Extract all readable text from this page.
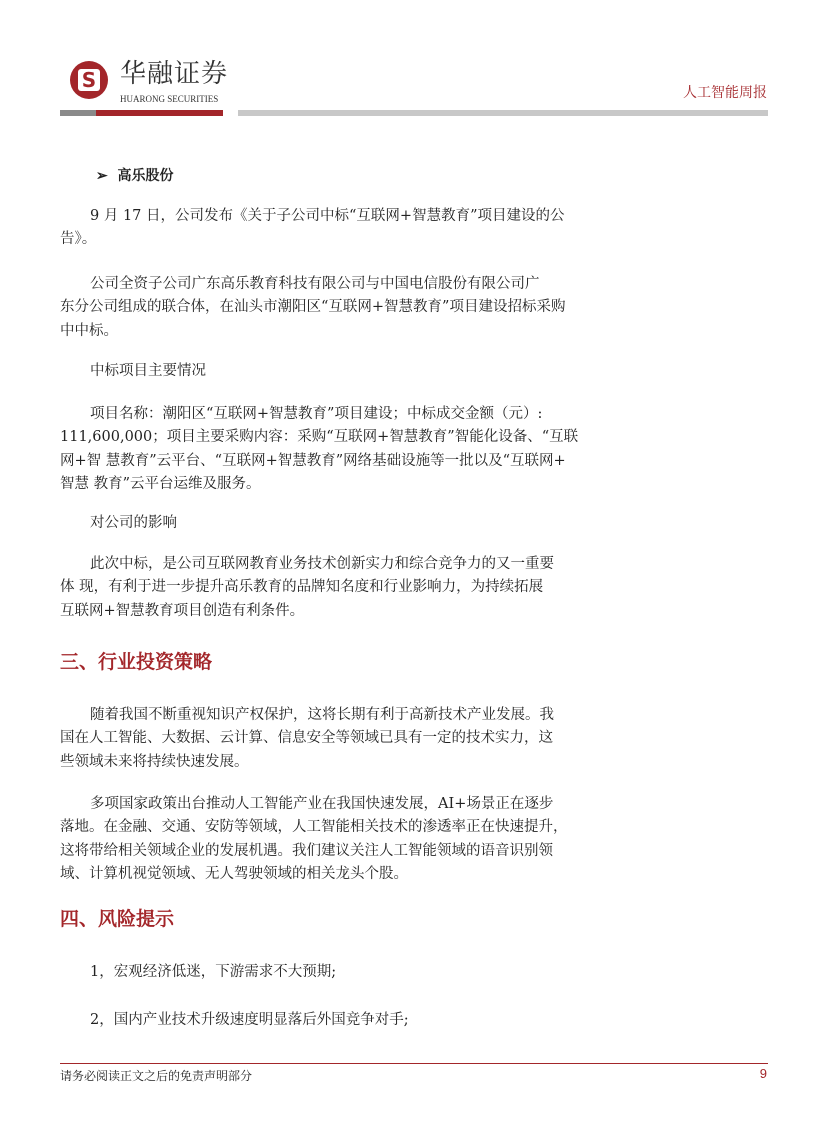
S 华融证券
HUARONG SECURITIES	人工智能周报
➢ 高乐股份
9 月 17 日，公司发布《关于子公司中标“互联网+智慧教育”项目建设的公
告》。
公司全资子公司广东高乐教育科技有限公司与中国电信股份有限公司广
东分公司组成的联合体，在汕头市潮阳区“互联网+智慧教育”项目建设招标采购
中中标。
中标项目主要情况
项目名称：潮阳区“互联网+智慧教育”项目建设；中标成交金额（元）:
111,600,000；项目主要采购内容：采购“互联网+智慧教育”智能化设备、“互联
网+智 慧教育”云平台、“互联网+智慧教育”网络基础设施等一批以及“互联网+
智慧 教育”云平台运维及服务。
对公司的影响
此次中标，是公司互联网教育业务技术创新实力和综合竞争力的又一重要
体 现，有利于进一步提升高乐教育的品牌知名度和行业影响力，为持续拓展
互联网+智慧教育项目创造有利条件。
随着我国不断重视知识产权保护，这将长期有利于高新技术产业发展。我
国在人工智能、大数据、云计算、信息安全等领域已具有一定的技术实力，这
些领域未来将持续快速发展。
多项国家政策出台推动人工智能产业在我国快速发展，AI+场景正在逐步
落地。在金融、交通、安防等领域，人工智能相关技术的渗透率正在快速提升，
这将带给相关领域企业的发展机遇。我们建议关注人工智能领域的语音识别领
域、计算机视觉领域、无人驾驶领域的相关龙头个股。
三、行业投资策略
四、风险提示
1，宏观经济低迷，下游需求不大预期;
2，国内产业技术升级速度明显落后外国竞争对手;
请务必阅读正文之后的免责声明部分	9
